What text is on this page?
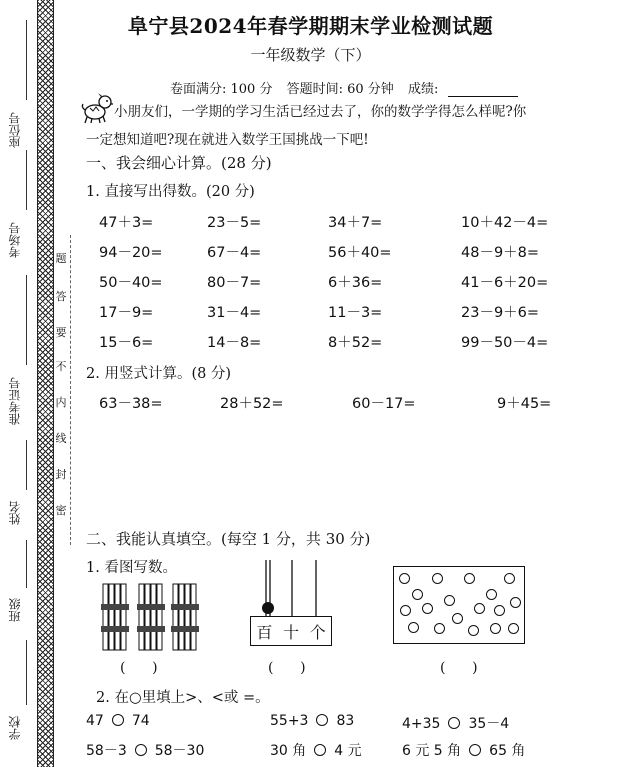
座位号
考场号
准考证号
姓名
班级
学校
题
答
要
不
内
线
封
密
阜宁县2024年春学期期末学业检测试题
一年级数学（下）
卷面满分: 100 分 答题时间: 60 分钟 成绩:
小朋友们，一学期的学习生活已经过去了，你的数学学得怎么样呢?你
一定想知道吧?现在就进入数学王国挑战一下吧!
一、我会细心计算。(28 分)
1. 直接写出得数。(20 分)
47＋3=	23－5=	34＋7=	10＋42－4=
94－20=	67－4=	56＋40=	48－9＋8=
50－40=	80－7=	6＋36=	41－6＋20=
17－9=	31－4=	11－3=	23－9＋6=
15－6=	14－8=	8＋52=	99－50－4=
2. 用竖式计算。(8 分)
63－38=	28＋52=	60－17=	9＋45=
二、我能认真填空。(每空 1 分，共 30 分)
1. 看图写数。
百 十 个
(      )	(      )	(      )
2. 在○里填上>、<或 =。
47 74	55+3 83	4+35 35－4
58－3 58－30	30 角 4 元	6 元 5 角 65 角
